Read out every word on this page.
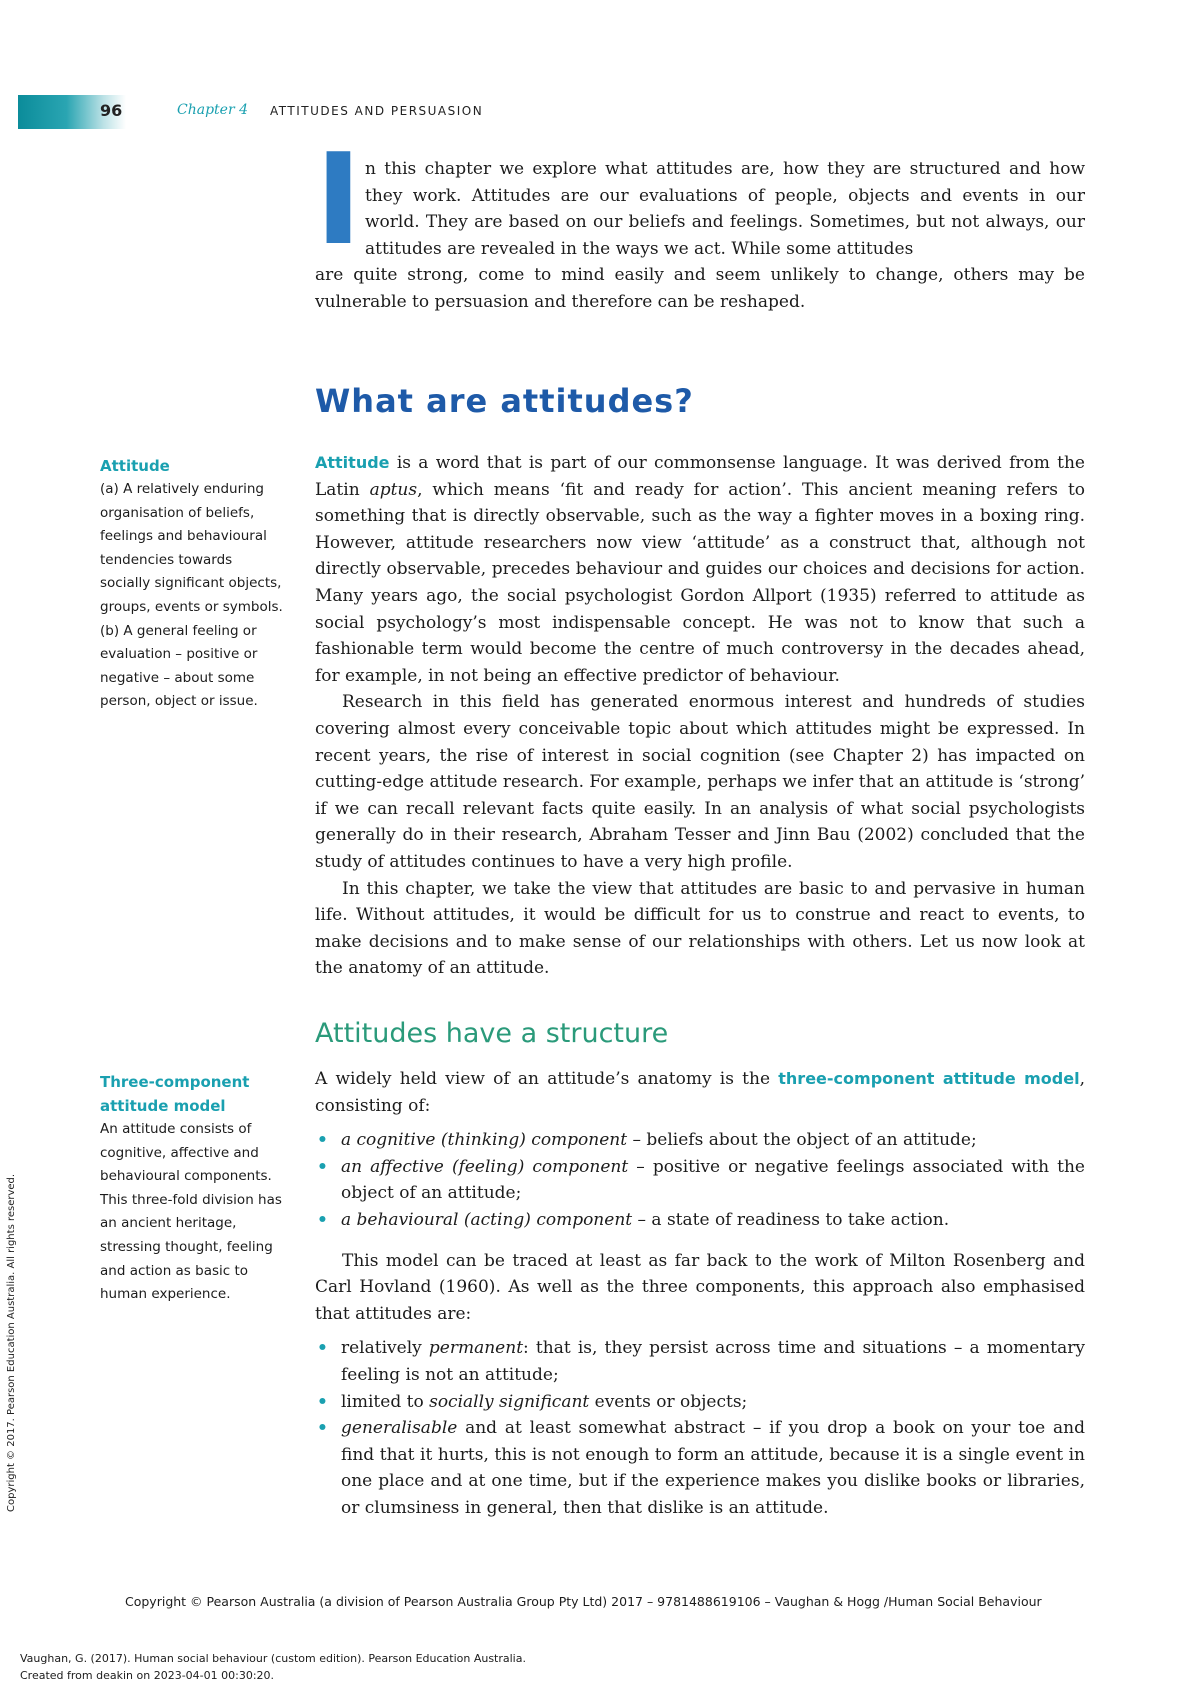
96	Chapter 4 ATTITUDES AND PERSUASION
I n this chapter we explore what attitudes are, how they are structured and how they work. Attitudes are our evaluations of people, objects and events in our world. They are based on our beliefs and feelings. Sometimes, but not always, our attitudes are revealed in the ways we act. While some attitudes

are quite strong, come to mind easily and seem unlikely to change, others may be vulnerable to persuasion and therefore can be reshaped.

What are attitudes?

Attitude is a word that is part of our commonsense language. It was derived from the Latin aptus, which means ‘fit and ready for action’. This ancient meaning refers to something that is directly observable, such as the way a fighter moves in a boxing ring. However, attitude researchers now view ‘attitude’ as a construct that, although not directly observable, precedes behaviour and guides our choices and decisions for action. Many years ago, the social psychologist Gordon Allport (1935) referred to attitude as social psychology’s most indispensable concept. He was not to know that such a fashionable term would become the centre of much controversy in the decades ahead, for example, in not being an effective predictor of behaviour.

Research in this field has generated enormous interest and hundreds of studies covering almost every conceivable topic about which attitudes might be expressed. In recent years, the rise of interest in social cognition (see Chapter 2) has impacted on cutting-edge attitude research. For example, perhaps we infer that an attitude is ‘strong’ if we can recall relevant facts quite easily. In an analysis of what social psychologists generally do in their research, Abraham Tesser and Jinn Bau (2002) concluded that the study of attitudes continues to have a very high profile.

In this chapter, we take the view that attitudes are basic to and pervasive in human life. Without attitudes, it would be difficult for us to construe and react to events, to make decisions and to make sense of our relationships with others. Let us now look at the anatomy of an attitude.

Attitudes have a structure

A widely held view of an attitude’s anatomy is the three-component attitude model, consisting of:

• a cognitive (thinking) component – beliefs about the object of an attitude;
• an affective (feeling) component – positive or negative feelings associated with the object of an attitude;
• a behavioural (acting) component – a state of readiness to take action.

This model can be traced at least as far back to the work of Milton Rosenberg and Carl Hovland (1960). As well as the three components, this approach also emphasised that attitudes are:

• relatively permanent: that is, they persist across time and situations – a momentary feeling is not an attitude;
• limited to socially significant events or objects;
• generalisable and at least somewhat abstract – if you drop a book on your toe and find that it hurts, this is not enough to form an attitude, because it is a single event in one place and at one time, but if the experience makes you dislike books or libraries, or clumsiness in general, then that dislike is an attitude.
Attitude
(a) A relatively enduring organisation of beliefs, feelings and behavioural tendencies towards socially significant objects, groups, events or symbols. (b) A general feeling or evaluation – positive or negative – about some person, object or issue.
Three-component attitude model
An attitude consists of cognitive, affective and behavioural components. This three-fold division has an ancient heritage, stressing thought, feeling and action as basic to human experience.
Copyright © 2017. Pearson Education Australia. All rights reserved.
Copyright © Pearson Australia (a division of Pearson Australia Group Pty Ltd) 2017 – 9781488619106 – Vaughan & Hogg /Human Social Behaviour
Vaughan, G. (2017). Human social behaviour (custom edition). Pearson Education Australia.
Created from deakin on 2023-04-01 00:30:20.
